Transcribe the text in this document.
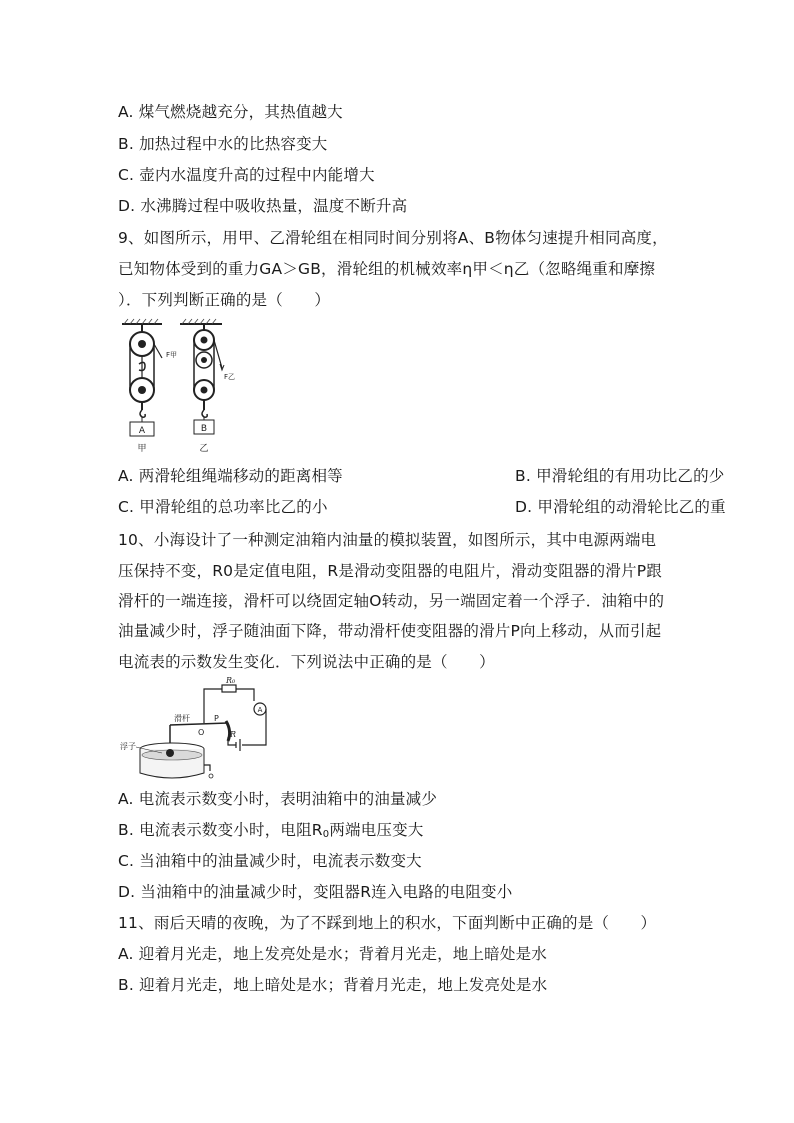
A. 煤气燃烧越充分，其热值越大
B. 加热过程中水的比热容变大
C. 壶内水温度升高的过程中内能增大
D. 水沸腾过程中吸收热量，温度不断升高
9、如图所示，用甲、乙滑轮组在相同时间分别将A、B物体匀速提升相同高度，
已知物体受到的重力GA＞GB，滑轮组的机械效率η甲＜η乙（忽略绳重和摩擦
）．下列判断正确的是（　　）
F甲
A
甲
F乙
B
乙
A. 两滑轮组绳端移动的距离相等	B. 甲滑轮组的有用功比乙的少
C. 甲滑轮组的总功率比乙的小	D. 甲滑轮组的动滑轮比乙的重
10、小海设计了一种测定油箱内油量的模拟装置，如图所示，其中电源两端电
压保持不变，R0是定值电阻，R是滑动变阻器的电阻片，滑动变阻器的滑片P跟
滑杆的一端连接，滑杆可以绕固定轴O转动，另一端固定着一个浮子．油箱中的
油量减少时，浮子随油面下降，带动滑杆使变阻器的滑片P向上移动，从而引起
电流表的示数发生变化．下列说法中正确的是（　　）
R₀
A
R
P
O
滑杆
浮子
A. 电流表示数变小时，表明油箱中的油量减少
B. 电流表示数变小时，电阻$R_0$两端电压变大
C. 当油箱中的油量减少时，电流表示数变大
D. 当油箱中的油量减少时，变阻器R连入电路的电阻变小
11、雨后天晴的夜晚，为了不踩到地上的积水，下面判断中正确的是（　　）
A. 迎着月光走，地上发亮处是水；背着月光走，地上暗处是水
B. 迎着月光走，地上暗处是水；背着月光走，地上发亮处是水
